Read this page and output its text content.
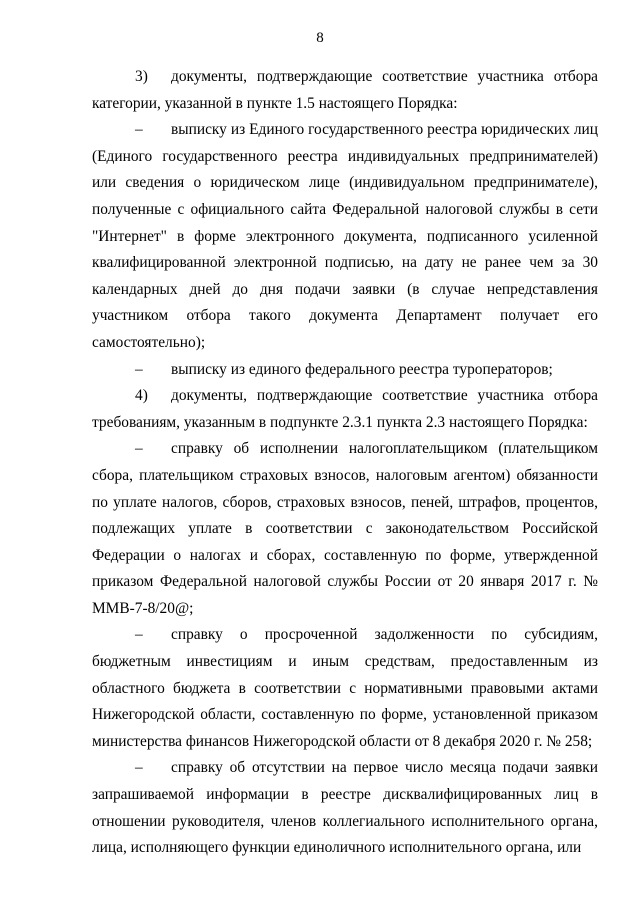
8

3) документы, подтверждающие соответствие участника отбора категории, указанной в пункте 1.5 настоящего Порядка:

– выписку из Единого государственного реестра юридических лиц (Единого государственного реестра индивидуальных предпринимателей) или сведения о юридическом лице (индивидуальном предпринимателе), полученные с официального сайта Федеральной налоговой службы в сети "Интернет" в форме электронного документа, подписанного усиленной квалифицированной электронной подписью, на дату не ранее чем за 30 календарных дней до дня подачи заявки (в случае непредставления участником отбора такого документа Департамент получает его самостоятельно);

– выписку из единого федерального реестра туроператоров;

4) документы, подтверждающие соответствие участника отбора требованиям, указанным в подпункте 2.3.1 пункта 2.3 настоящего Порядка:

– справку об исполнении налогоплательщиком (плательщиком сбора, плательщиком страховых взносов, налоговым агентом) обязанности по уплате налогов, сборов, страховых взносов, пеней, штрафов, процентов, подлежащих уплате в соответствии с законодательством Российской Федерации о налогах и сборах, составленную по форме, утвержденной приказом Федеральной налоговой службы России от 20 января 2017 г. № ММВ-7-8/20@;

– справку о просроченной задолженности по субсидиям, бюджетным инвестициям и иным средствам, предоставленным из областного бюджета в соответствии с нормативными правовыми актами Нижегородской области, составленную по форме, установленной приказом министерства финансов Нижегородской области от 8 декабря 2020 г. № 258;

– справку об отсутствии на первое число месяца подачи заявки запрашиваемой информации в реестре дисквалифицированных лиц в отношении руководителя, членов коллегиального исполнительного органа, лица, исполняющего функции единоличного исполнительного органа, или
